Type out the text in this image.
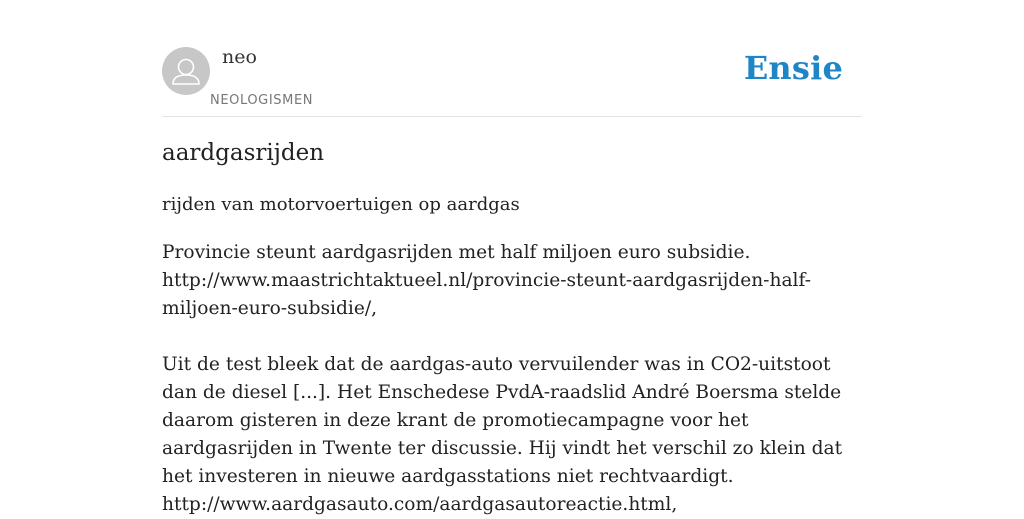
neo
NEOLOGISMEN
Ensie
aardgasrijden
rijden van motorvoertuigen op aardgas

Provincie steunt aardgasrijden met half miljoen euro subsidie.

http://www.maastrichtaktueel.nl/provincie-steunt-aardgasrijden-half-miljoen-euro-subsidie/,

Uit de test bleek dat de aardgas-auto vervuilender was in CO2-uitstoot dan de diesel [...]. Het Enschedese PvdA-raadslid André Boersma stelde daarom gisteren in deze krant de promotiecampagne voor het aardgasrijden in Twente ter discussie. Hij vindt het verschil zo klein dat het investeren in nieuwe aardgasstations niet rechtvaardigt.

http://www.aardgasauto.com/aardgasautoreactie.html,
